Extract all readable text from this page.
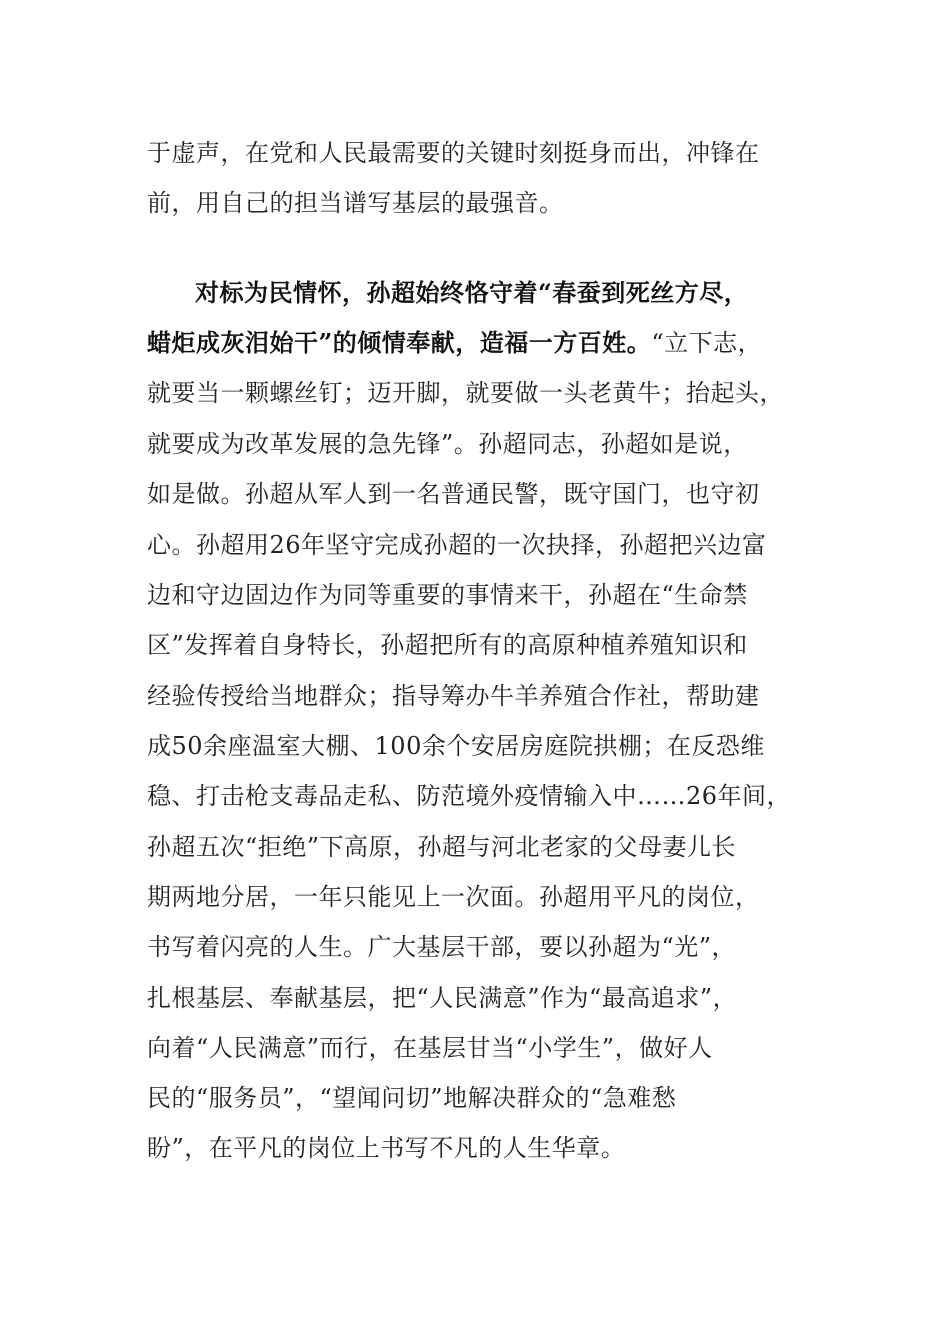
于虚声，在党和人民最需要的关键时刻挺身而出，冲锋在
前，用自己的担当谱写基层的最强音。
对标为民情怀，孙超始终恪守着“春蚕到死丝方尽，
蜡炬成灰泪始干”的倾情奉献，造福一方百姓。“立下志，
就要当一颗螺丝钉；迈开脚，就要做一头老黄牛；抬起头，
就要成为改革发展的急先锋”。孙超同志，孙超如是说，
如是做。孙超从军人到一名普通民警，既守国门，也守初
心。孙超用26年坚守完成孙超的一次抉择，孙超把兴边富
边和守边固边作为同等重要的事情来干，孙超在“生命禁
区”发挥着自身特长，孙超把所有的高原种植养殖知识和
经验传授给当地群众；指导筹办牛羊养殖合作社，帮助建
成50余座温室大棚、100余个安居房庭院拱棚；在反恐维
稳、打击枪支毒品走私、防范境外疫情输入中……26年间，
孙超五次“拒绝”下高原，孙超与河北老家的父母妻儿长
期两地分居，一年只能见上一次面。孙超用平凡的岗位，
书写着闪亮的人生。广大基层干部，要以孙超为“光”，
扎根基层、奉献基层，把“人民满意”作为“最高追求”，
向着“人民满意”而行，在基层甘当“小学生”，做好人
民的“服务员”，“望闻问切”地解决群众的“急难愁
盼”，在平凡的岗位上书写不凡的人生华章。
